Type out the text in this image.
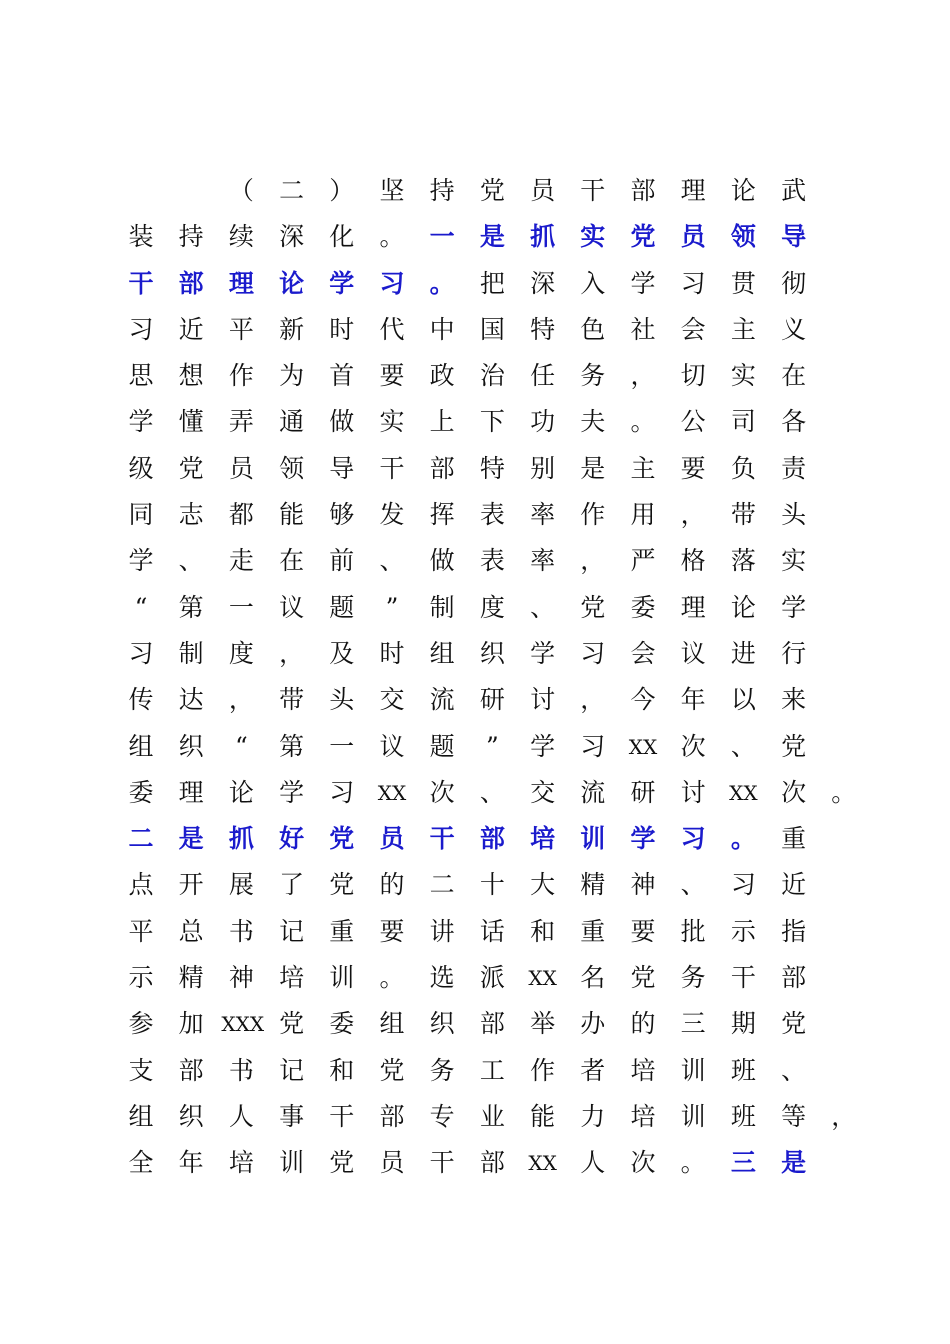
（	二	）	坚	持	党	员	干	部	理	论	武
装	持	续	深	化	。	一	是	抓	实	党	员	领	导
干	部	理	论	学	习	。	把	深	入	学	习	贯	彻
习	近	平	新	时	代	中	国	特	色	社	会	主	义
思	想	作	为	首	要	政	治	任	务	，	切	实	在
学	懂	弄	通	做	实	上	下	功	夫	。	公	司	各
级	党	员	领	导	干	部	特	别	是	主	要	负	责
同	志	都	能	够	发	挥	表	率	作	用	，	带	头
学	、	走	在	前	、	做	表	率	，	严	格	落	实
“	第	一	议	题	”	制	度	、	党	委	理	论	学
习	制	度	，	及	时	组	织	学	习	会	议	进	行
传	达	，	带	头	交	流	研	讨	，	今	年	以	来
组	织	“	第	一	议	题	”	学	习	XX 次	、	党
委	理	论	学	习	XX 次	、	交	流	研	讨	XX 次	。
二	是	抓	好	党	员	干	部	培	训	学	习	。	重
点	开	展	了	党	的	二	十	大	精	神	、	习	近
平	总	书	记	重	要	讲	话	和	重	要	批	示	指
示	精	神	培	训	。	选	派	XX 名	党	务	干	部
参	加 XXX 党	委	组	织	部	举	办	的	三	期	党
支	部	书	记	和	党	务	工	作	者	培	训	班	、
组	织	人	事	干	部	专	业	能	力	培	训	班	等	，
全	年	培	训	党	员	干	部	XX 人	次	。	三	是
